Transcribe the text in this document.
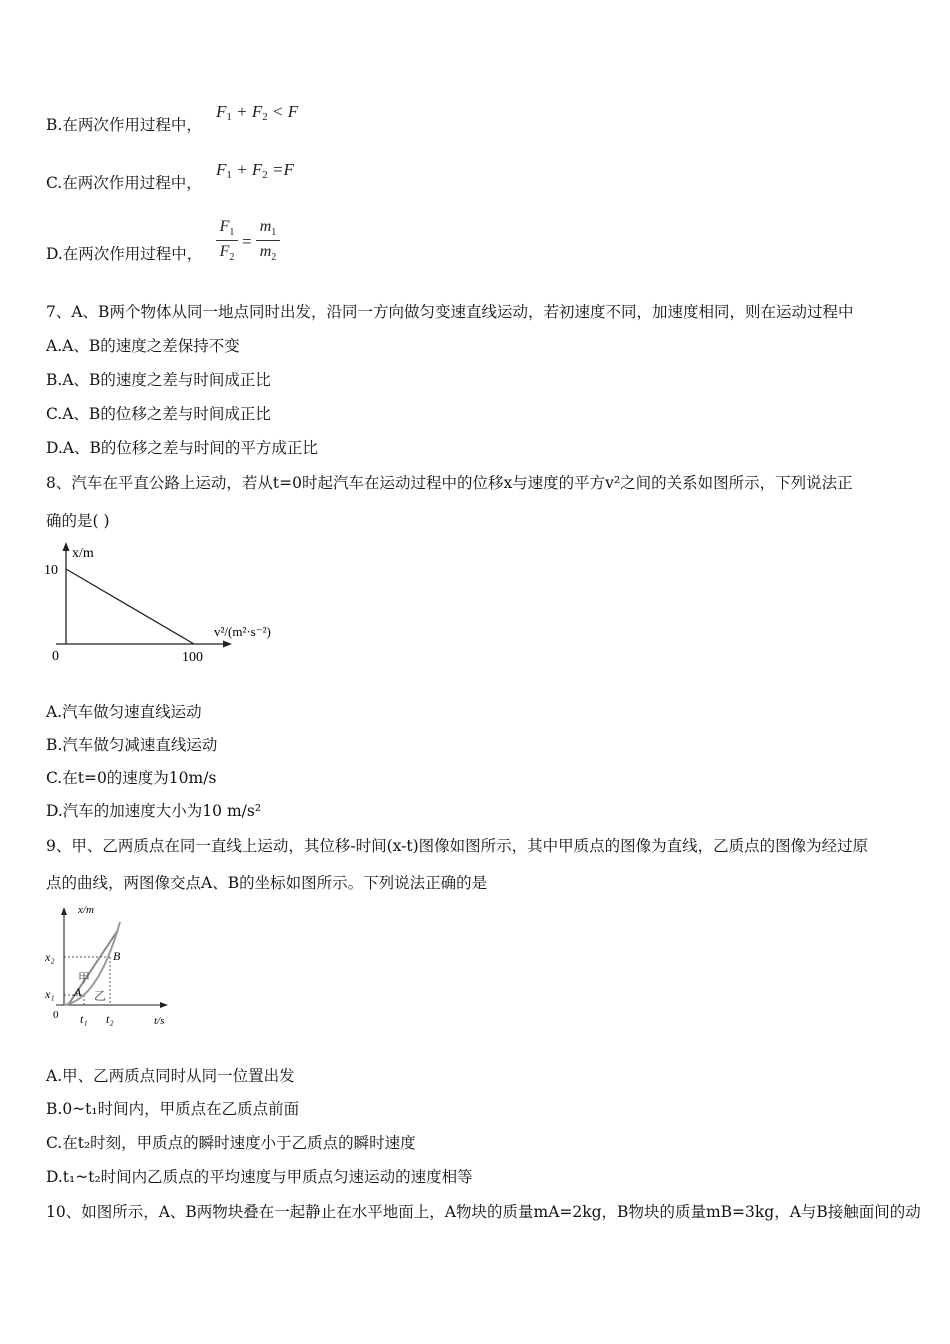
B.在两次作用过程中，
$F_1 + F_2 < F$
C.在两次作用过程中，
$F_1 + F_2 =F$
D.在两次作用过程中，
$F_1$
$F_2$
=
$m_1$
$m_2$
7、A、B两个物体从同一地点同时出发，沿同一方向做匀变速直线运动，若初速度不同，加速度相同，则在运动过程中
A.A、B的速度之差保持不变
B.A、B的速度之差与时间成正比
C.A、B的位移之差与时间成正比
D.A、B的位移之差与时间的平方成正比
8、汽车在平直公路上运动，若从t=0时起汽车在运动过程中的位移x与速度的平方v²之间的关系如图所示，下列说法正
确的是( )
x/m
10
0	100
v²/(m²·s⁻²)
A.汽车做匀速直线运动
B.汽车做匀减速直线运动
C.在t=0的速度为10m/s
D.汽车的加速度大小为10 m/s²
9、甲、乙两质点在同一直线上运动，其位移-时间(x-t)图像如图所示，其中甲质点的图像为直线，乙质点的图像为经过原
点的曲线，两图像交点A、B的坐标如图所示。下列说法正确的是
x/m
x₂
x₁
0 t₁ t₂	t/s
A
B
甲
乙
A.甲、乙两质点同时从同一位置出发
B.0~t₁时间内，甲质点在乙质点前面
C.在t₂时刻，甲质点的瞬时速度小于乙质点的瞬时速度
D.t₁~t₂时间内乙质点的平均速度与甲质点匀速运动的速度相等
10、如图所示，A、B两物块叠在一起静止在水平地面上，A物块的质量mA=2kg，B物块的质量mB=3kg，A与B接触面间的动
